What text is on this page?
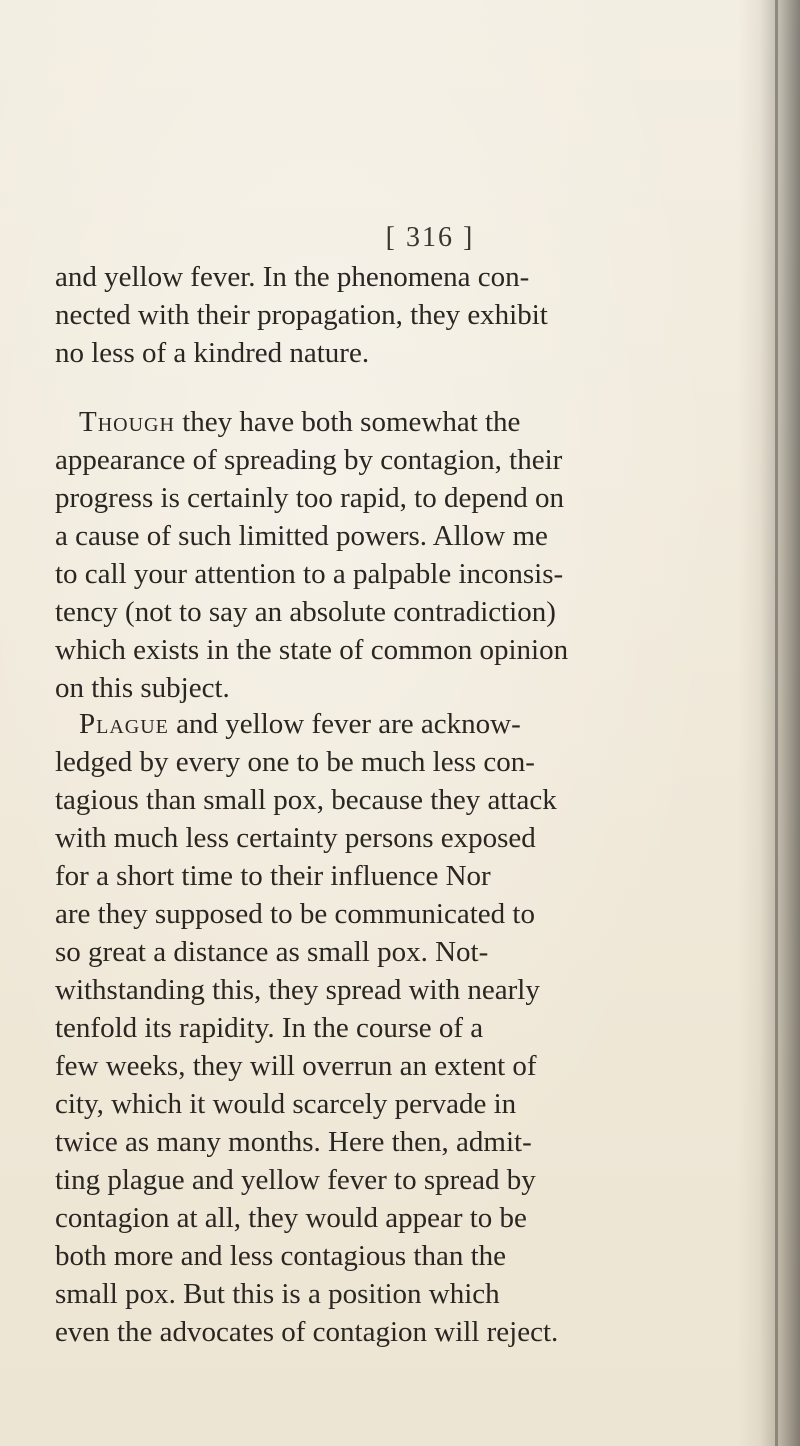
[ 316 ]
and yellow fever. In the phenomena con-
nected with their propagation, they exhibit
no less of a kindred nature.
Though they have both somewhat the
appearance of spreading by contagion, their
progress is certainly too rapid, to depend on
a cause of such limitted powers. Allow me
to call your attention to a palpable inconsis-
tency (not to say an absolute contradiction)
which exists in the state of common opinion
on this subject.
Plague and yellow fever are acknow-
ledged by every one to be much less con-
tagious than small pox, because they attack
with much less certainty persons exposed
for a short time to their influence Nor
are they supposed to be communicated to
so great a distance as small pox. Not-
withstanding this, they spread with nearly
tenfold its rapidity. In the course of a
few weeks, they will overrun an extent of
city, which it would scarcely pervade in
twice as many months. Here then, admit-
ting plague and yellow fever to spread by
contagion at all, they would appear to be
both more and less contagious than the
small pox. But this is a position which
even the advocates of contagion will reject.
